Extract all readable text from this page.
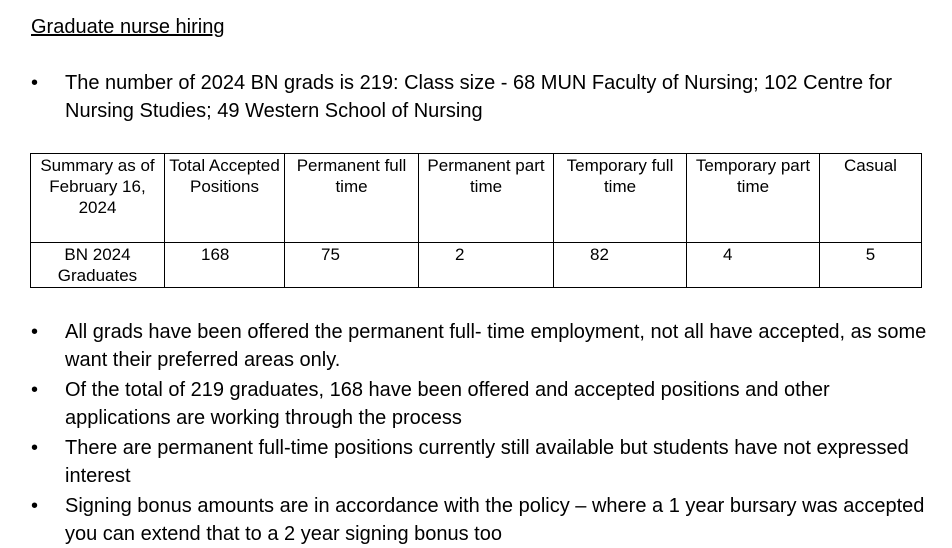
Graduate nurse hiring
•	The number of 2024 BN grads is 219: Class size - 68 MUN Faculty of Nursing; 102 Centre for Nursing Studies; 49 Western School of Nursing
Summary as of February 16, 2024	Total Accepted Positions	Permanent full time	Permanent part time	Temporary full time	Temporary part time	Casual
BN 2024 Graduates	168	75	2	82	4	5
•	All grads have been offered the permanent full- time employment, not all have accepted, as some want their preferred areas only.
•	Of the total of 219 graduates, 168 have been offered and accepted positions and other applications are working through the process
•	There are permanent full-time positions currently still available but students have not expressed interest
•	Signing bonus amounts are in accordance with the policy – where a 1 year bursary was accepted you can extend that to a 2 year signing bonus too
